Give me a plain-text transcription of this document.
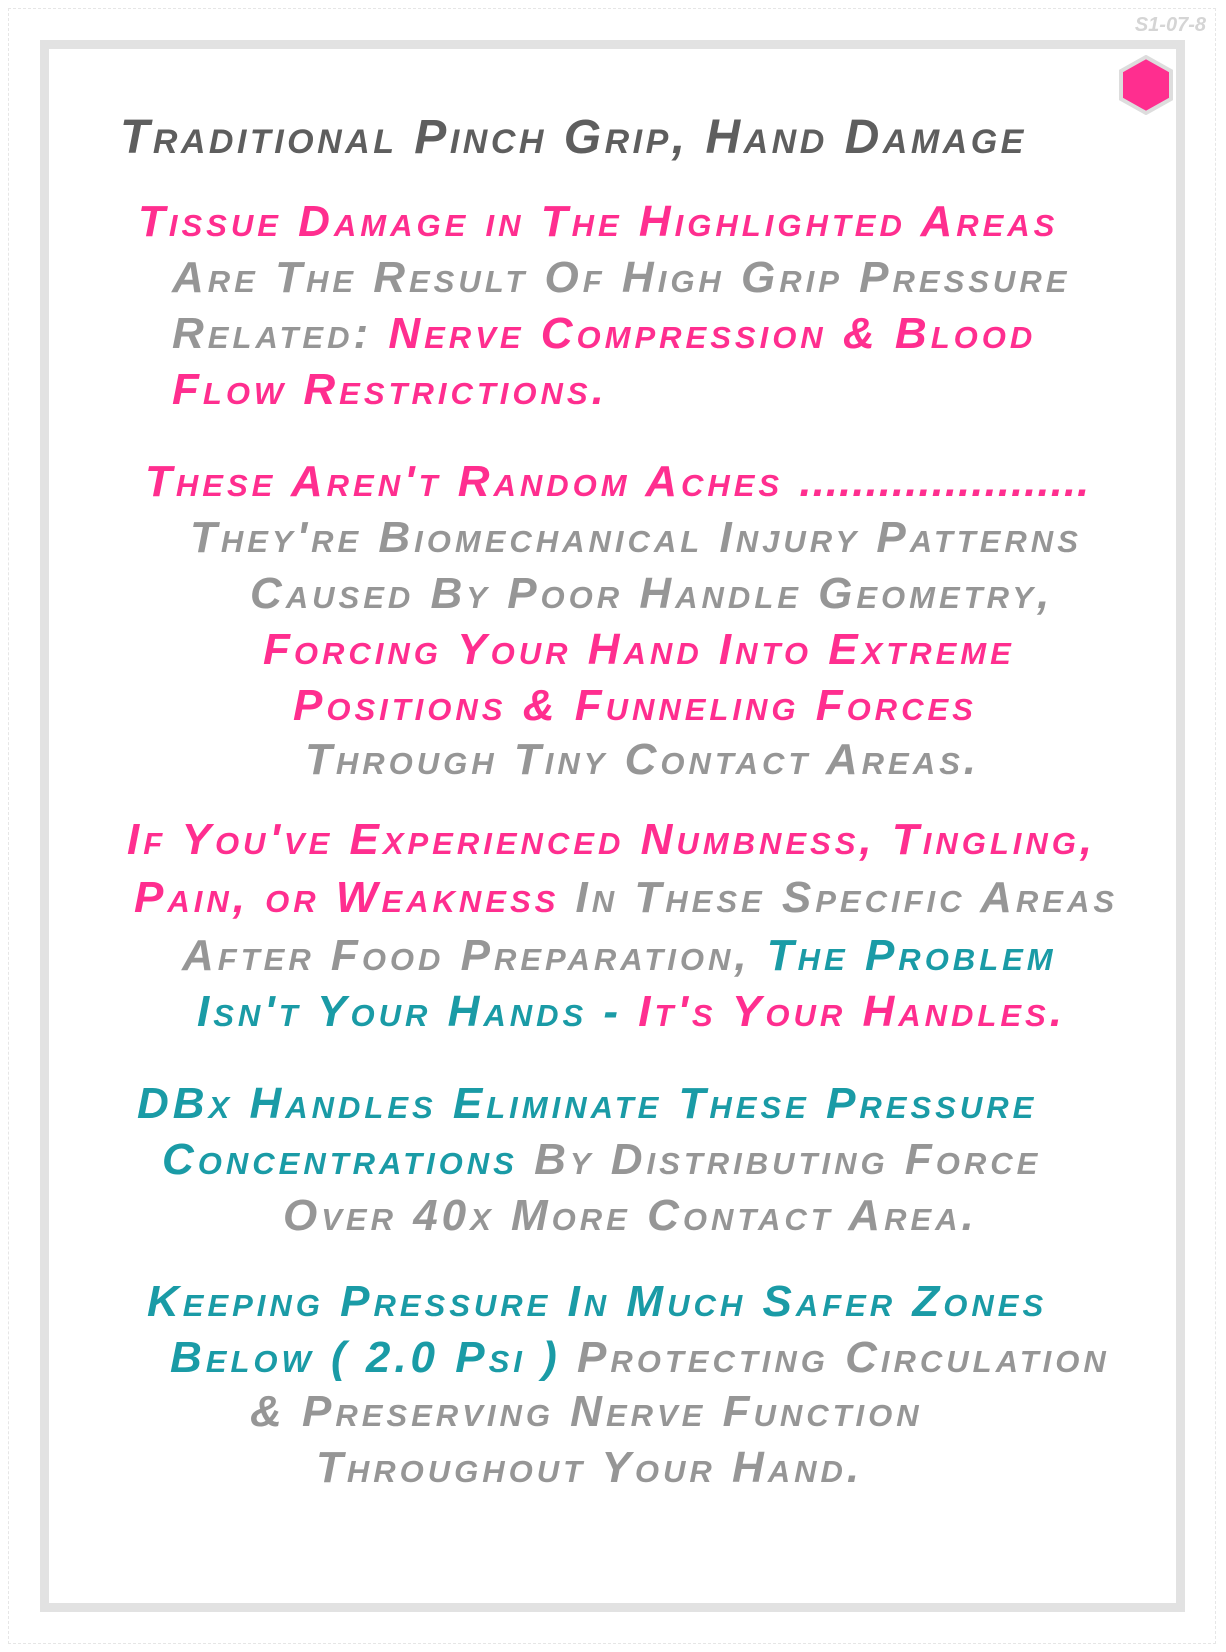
S1-07-8
Traditional Pinch Grip, Hand Damage
Tissue Damage in The Highlighted Areas
Are The Result Of High Grip Pressure
Related: Nerve Compression & Blood
Flow Restrictions.
These Aren't Random Aches ......................
They're Biomechanical Injury Patterns
Caused By Poor Handle Geometry,
Forcing Your Hand Into Extreme
Positions & Funneling Forces
Through Tiny Contact Areas.
If You've Experienced Numbness, Tingling,
Pain, or Weakness In These Specific Areas
After Food Preparation, The Problem
Isn't Your Hands - It's Your Handles.
DBx Handles Eliminate These Pressure
Concentrations By Distributing Force
Over 40x More Contact Area.
Keeping Pressure In Much Safer Zones
Below ( 2.0 Psi ) Protecting Circulation
& Preserving Nerve Function
Throughout Your Hand.
